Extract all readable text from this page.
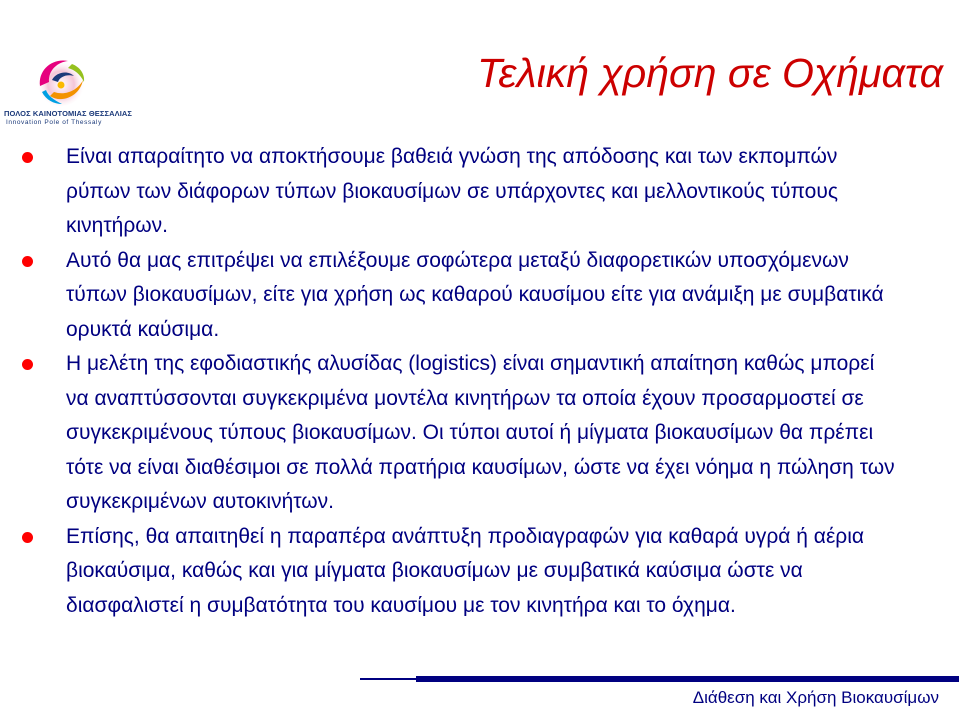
ΠΟΛΟΣ ΚΑΙΝΟΤΟΜΙΑΣ ΘΕΣΣΑΛΙΑΣ
Innovation Pole of Thessaly
Τελική χρήση σε Οχήματα
Είναι απαραίτητο να αποκτήσουμε βαθειά γνώση της απόδοσης και των εκπομπών ρύπων των διάφορων τύπων βιοκαυσίμων σε υπάρχοντες και μελλοντικούς τύπους κινητήρων.
Αυτό θα μας επιτρέψει να επιλέξουμε σοφώτερα μεταξύ διαφορετικών υποσχόμενων τύπων βιοκαυσίμων, είτε για χρήση ως καθαρού καυσίμου είτε για ανάμιξη με συμβατικά ορυκτά καύσιμα.
Η μελέτη της εφοδιαστικής αλυσίδας (logistics) είναι σημαντική απαίτηση καθώς μπορεί να αναπτύσσονται συγκεκριμένα μοντέλα κινητήρων τα οποία έχουν προσαρμοστεί σε συγκεκριμένους τύπους βιοκαυσίμων. Οι τύποι αυτοί ή μίγματα βιοκαυσίμων θα πρέπει τότε να είναι διαθέσιμοι σε πολλά πρατήρια καυσίμων, ώστε να έχει νόημα η πώληση των συγκεκριμένων αυτοκινήτων.
Επίσης, θα απαιτηθεί η παραπέρα ανάπτυξη προδιαγραφών για καθαρά υγρά ή αέρια βιοκαύσιμα, καθώς και για μίγματα βιοκαυσίμων με συμβατικά καύσιμα ώστε να διασφαλιστεί η συμβατότητα του καυσίμου με τον κινητήρα και το όχημα.
Διάθεση και Χρήση Βιοκαυσίμων
